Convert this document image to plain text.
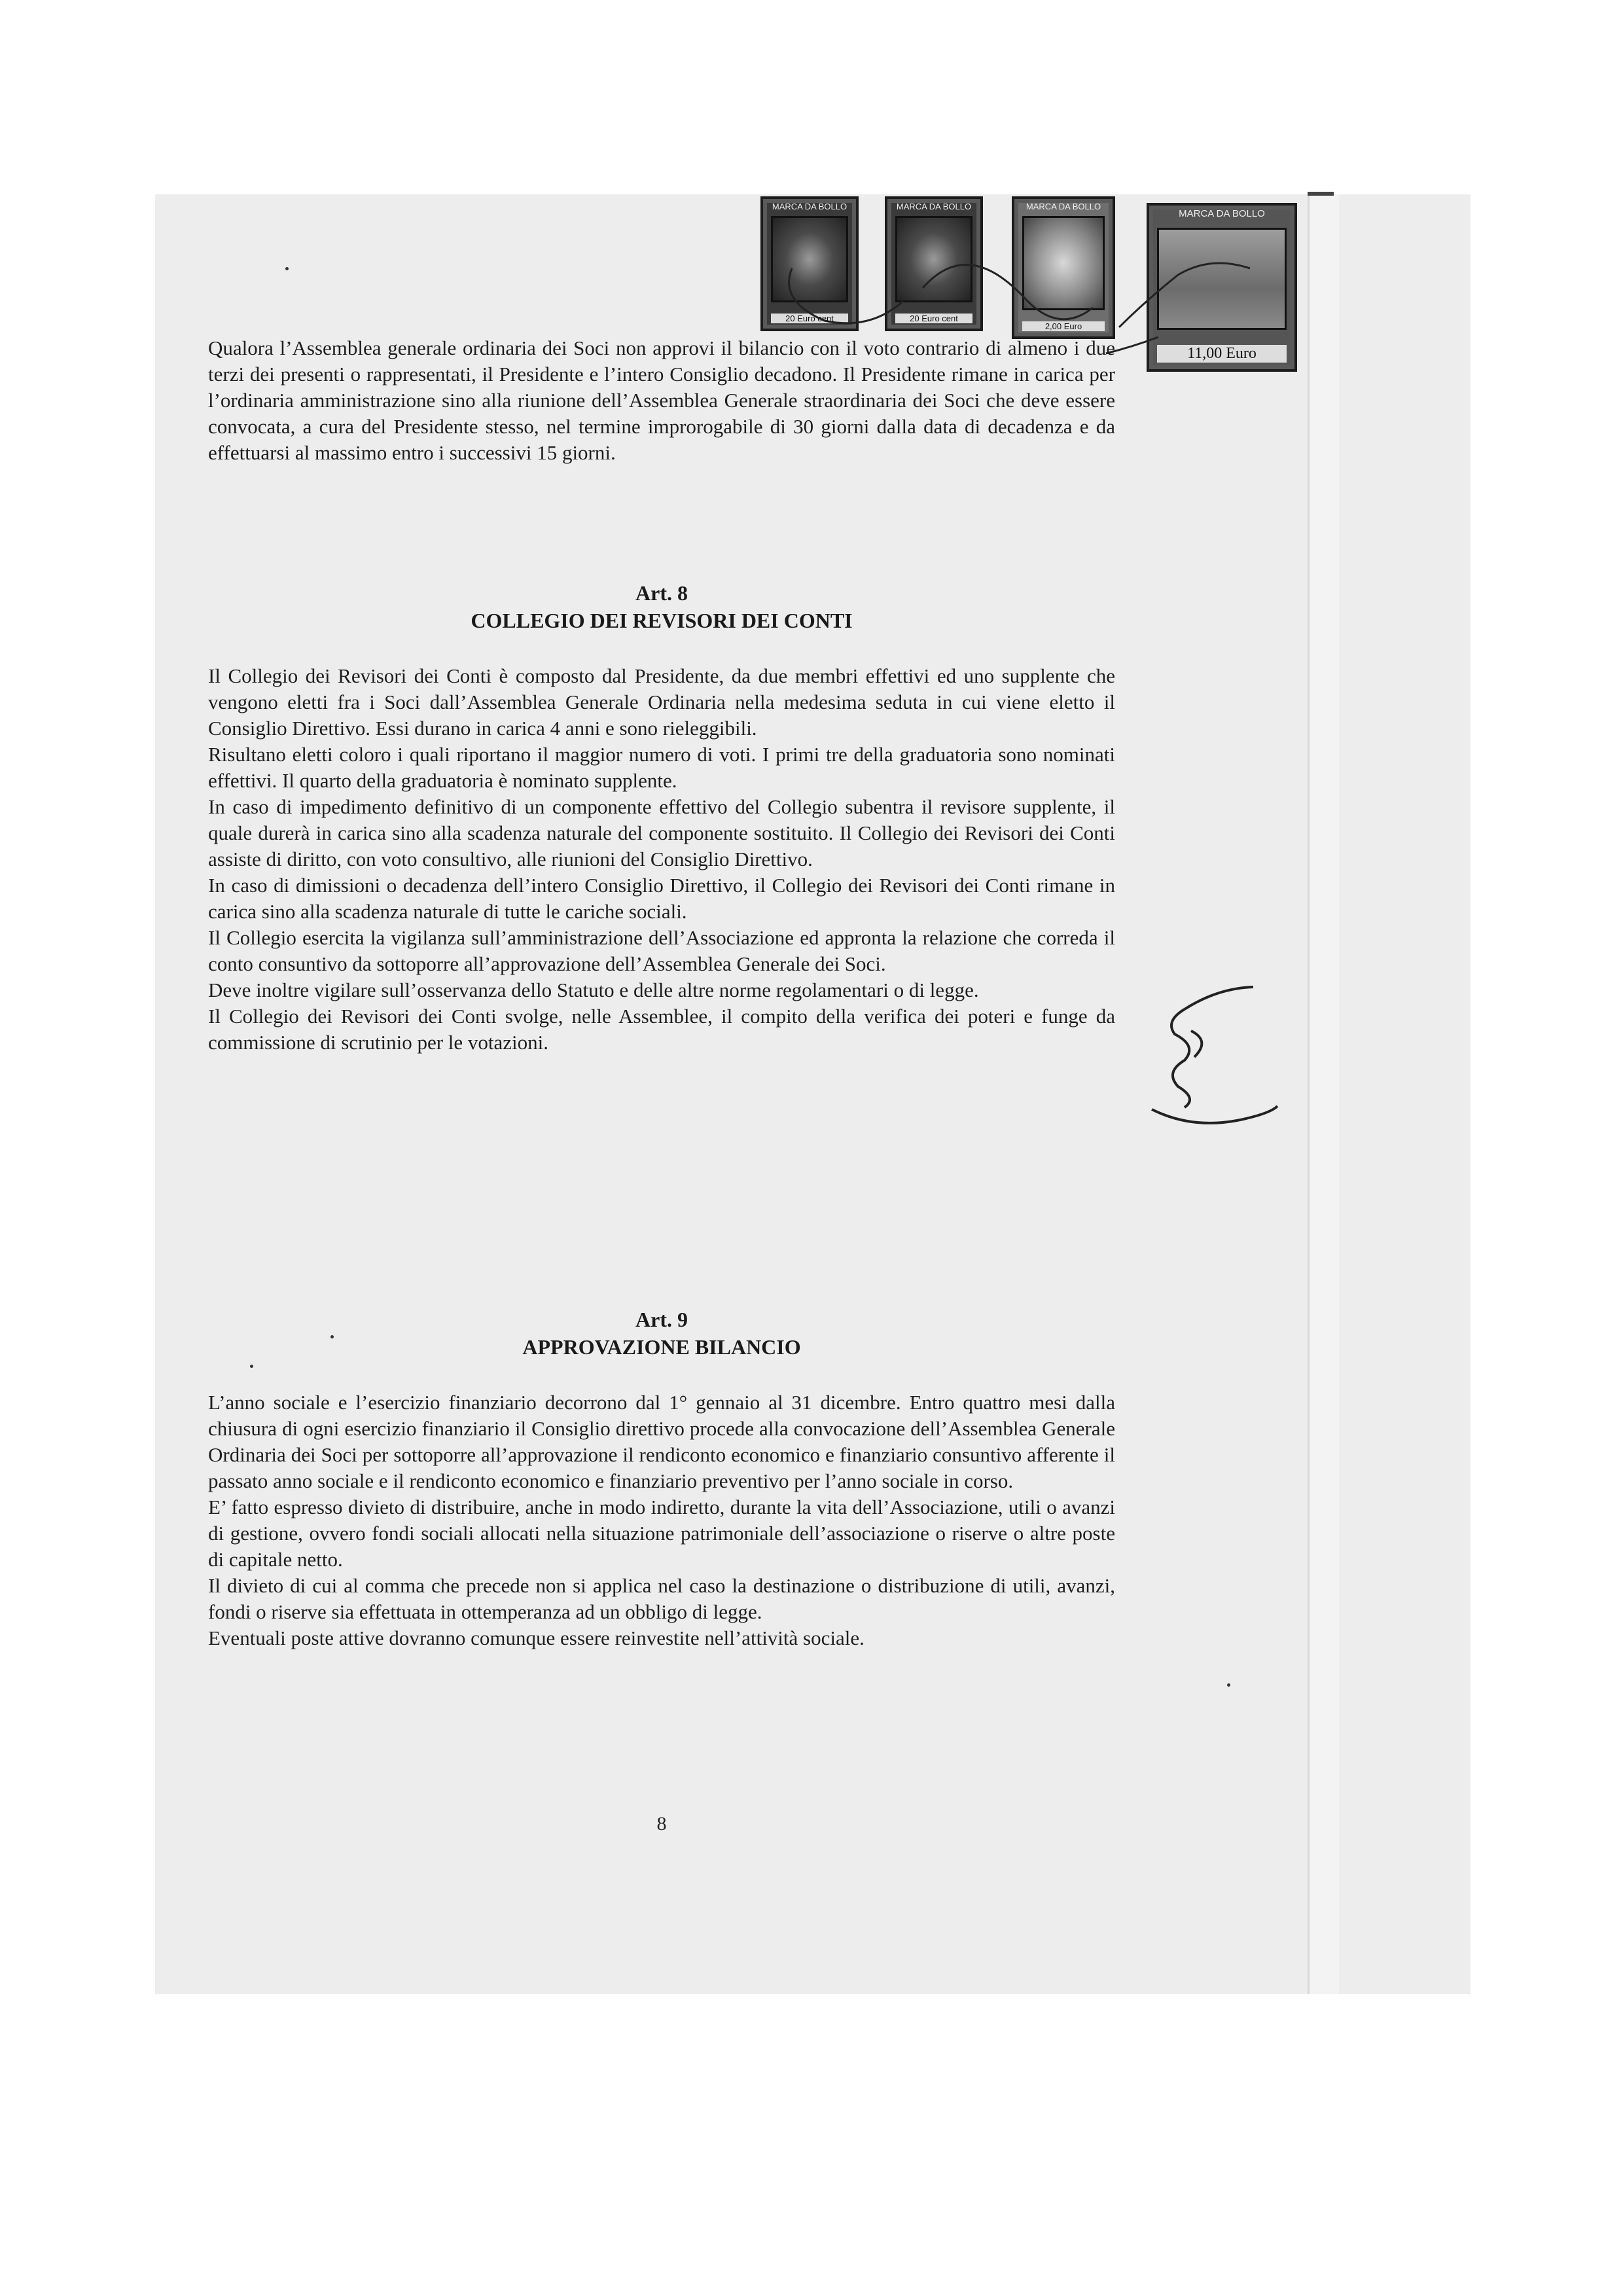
MARCA DA BOLLO
20 Euro cent
MARCA DA BOLLO
20 Euro cent
MARCA DA BOLLO
2,00 Euro
MARCA DA BOLLO
11,00 Euro

Qualora l’Assemblea generale ordinaria dei Soci non approvi il bilancio con il voto contrario di almeno i due terzi dei presenti o rappresentati, il Presidente e l’intero Consiglio decadono. Il Presidente rimane in carica per l’ordinaria amministrazione sino alla riunione dell’Assemblea Generale straordinaria dei Soci che deve essere convocata, a cura del Presidente stesso, nel termine improrogabile di 30 giorni dalla data di decadenza e da effettuarsi al massimo entro i successivi 15 giorni.

Art. 8
COLLEGIO DEI REVISORI DEI CONTI

Il Collegio dei Revisori dei Conti è composto dal Presidente, da due membri effettivi ed uno supplente che vengono eletti fra i Soci dall’Assemblea Generale Ordinaria nella medesima seduta in cui viene eletto il Consiglio Direttivo. Essi durano in carica 4 anni e sono rieleggibili.

Risultano eletti coloro i quali riportano il maggior numero di voti. I primi tre della graduatoria sono nominati effettivi. Il quarto della graduatoria è nominato supplente.

In caso di impedimento definitivo di un componente effettivo del Collegio subentra il revisore supplente, il quale durerà in carica sino alla scadenza naturale del componente sostituito. Il Collegio dei Revisori dei Conti assiste di diritto, con voto consultivo, alle riunioni del Consiglio Direttivo.

In caso di dimissioni o decadenza dell’intero Consiglio Direttivo, il Collegio dei Revisori dei Conti rimane in carica sino alla scadenza naturale di tutte le cariche sociali.

Il Collegio esercita la vigilanza sull’amministrazione dell’Associazione ed appronta la relazione che correda il conto consuntivo da sottoporre all’approvazione dell’Assemblea Generale dei Soci.

Deve inoltre vigilare sull’osservanza dello Statuto e delle altre norme regolamentari o di legge.

Il Collegio dei Revisori dei Conti svolge, nelle Assemblee, il compito della verifica dei poteri e funge da commissione di scrutinio per le votazioni.

Art. 9
APPROVAZIONE BILANCIO

L’anno sociale e l’esercizio finanziario decorrono dal 1° gennaio al 31 dicembre. Entro quattro mesi dalla chiusura di ogni esercizio finanziario il Consiglio direttivo procede alla convocazione dell’Assemblea Generale Ordinaria dei Soci per sottoporre all’approvazione il rendiconto economico e finanziario consuntivo afferente il passato anno sociale e il rendiconto economico e finanziario preventivo per l’anno sociale in corso.

E’ fatto espresso divieto di distribuire, anche in modo indiretto, durante la vita dell’Associazione, utili o avanzi di gestione, ovvero fondi sociali allocati nella situazione patrimoniale dell’associazione o riserve o altre poste di capitale netto.

Il divieto di cui al comma che precede non si applica nel caso la destinazione o distribuzione di utili, avanzi, fondi o riserve sia effettuata in ottemperanza ad un obbligo di legge.

Eventuali poste attive dovranno comunque essere reinvestite nell’attività sociale.

8
